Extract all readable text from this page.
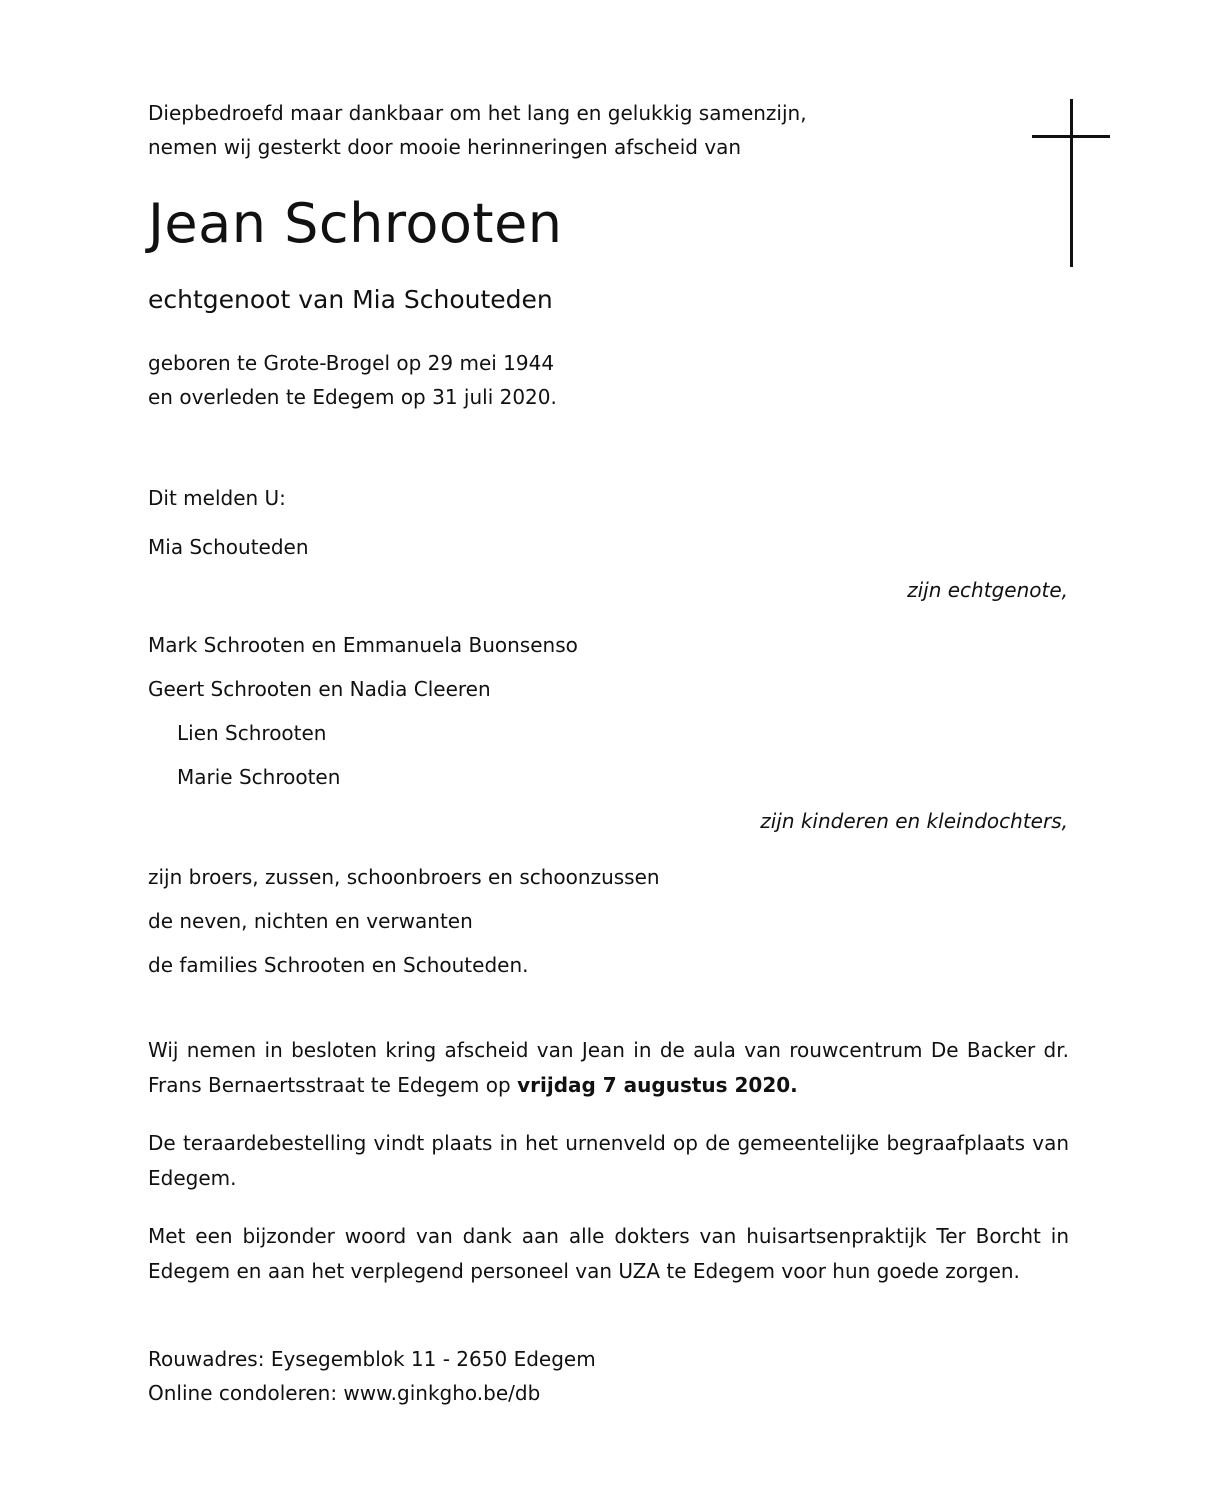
Diepbedroefd maar dankbaar om het lang en gelukkig samenzijn,

nemen wij gesterkt door mooie herinneringen afscheid van

Jean Schrooten

echtgenoot van Mia Schouteden

geboren te Grote-Brogel op 29 mei 1944

en overleden te Edegem op 31 juli 2020.

Dit melden U:

Mia Schouteden

zijn echtgenote,

Mark Schrooten en Emmanuela Buonsenso

Geert Schrooten en Nadia Cleeren

Lien Schrooten

Marie Schrooten

zijn kinderen en kleindochters,

zijn broers, zussen, schoonbroers en schoonzussen

de neven, nichten en verwanten

de families Schrooten en Schouteden.

Wij nemen in besloten kring afscheid van Jean in de aula van rouwcentrum De Backer dr. Frans Bernaertsstraat te Edegem op vrijdag 7 augustus 2020.

De teraardebestelling vindt plaats in het urnenveld op de gemeentelijke begraafplaats van Edegem.

Met een bijzonder woord van dank aan alle dokters van huisartsenpraktijk Ter Borcht in Edegem en aan het verplegend personeel van UZA te Edegem voor hun goede zorgen.

Rouwadres: Eysegemblok 11 - 2650 Edegem

Online condoleren: www.ginkgho.be/db
